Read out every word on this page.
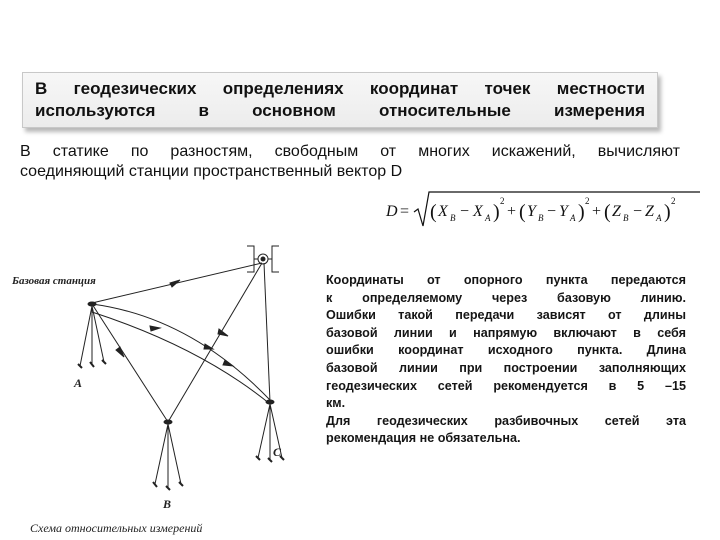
В геодезических определениях координат точек местности
используются в основном относительные измерения
В статике по разностям, свободным от многих искажений, вычисляют
соединяющий станции пространственный вектор D
D = ( X B − X A ) 2
+ ( Y B − Y A ) 2
+ ( Z B − Z A ) 2
Базовая станция
А
С
В
Схема относительных измерений
Координаты от опорного пункта передаются
к определяемому через базовую линию.
Ошибки такой передачи зависят от длины
базовой линии и напрямую включают в себя
ошибки координат исходного пункта. Длина
базовой линии при построении заполняющих
геодезических сетей рекомендуется в 5 –15
км.
Для геодезических разбивочных сетей эта
рекомендация не обязательна.
